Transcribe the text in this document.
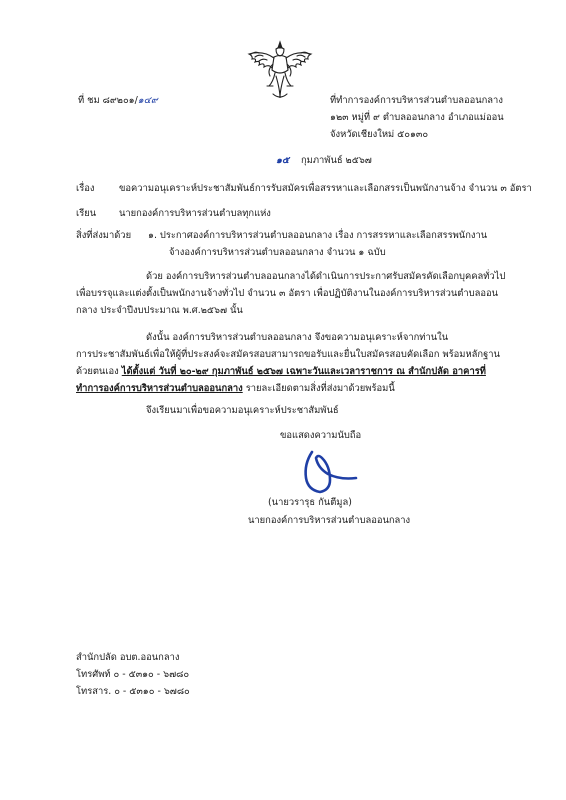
ที่ ชม ๘๙๒๐๑/๑๔๙	ที่ทำการองค์การบริหารส่วนตำบลออนกลาง
๑๒๓ หมู่ที่ ๙ ตำบลออนกลาง อำเภอแม่ออน
จังหวัดเชียงใหม่ ๕๐๑๓๐
๑๕ กุมภาพันธ์ ๒๕๖๗
เรื่อง	ขอความอนุเคราะห์ประชาสัมพันธ์การรับสมัครเพื่อสรรหาและเลือกสรรเป็นพนักงานจ้าง จำนวน ๓ อัตรา
เรียน นายกองค์การบริหารส่วนตำบลทุกแห่ง
สิ่งที่ส่งมาด้วย ๑. ประกาศองค์การบริหารส่วนตำบลออนกลาง เรื่อง การสรรหาและเลือกสรรพนักงาน
จ้างองค์การบริหารส่วนตำบลออนกลาง จำนวน ๑ ฉบับ
ด้วย องค์การบริหารส่วนตำบลออนกลางได้ดำเนินการประกาศรับสมัครคัดเลือกบุคคลทั่วไป
เพื่อบรรจุและแต่งตั้งเป็นพนักงานจ้างทั่วไป จำนวน ๓ อัตรา เพื่อปฏิบัติงานในองค์การบริหารส่วนตำบลออน
กลาง ประจำปีงบประมาณ พ.ศ.๒๕๖๗ นั้น
ดังนั้น องค์การบริหารส่วนตำบลออนกลาง จึงขอความอนุเคราะห์จากท่านใน
การประชาสัมพันธ์เพื่อให้ผู้ที่ประสงค์จะสมัครสอบสามารถขอรับและยื่นใบสมัครสอบคัดเลือก พร้อมหลักฐาน
ด้วยตนเอง ได้ตั้งแต่ วันที่ ๒๐-๒๙ กุมภาพันธ์ ๒๕๖๗ เฉพาะวันและเวลาราชการ ณ สำนักปลัด อาคารที่
ทำการองค์การบริหารส่วนตำบลออนกลาง รายละเอียดตามสิ่งที่ส่งมาด้วยพร้อมนี้
จึงเรียนมาเพื่อขอความอนุเคราะห์ประชาสัมพันธ์
ขอแสดงความนับถือ
(นายวรารุธ กันตีมูล)
นายกองค์การบริหารส่วนตำบลออนกลาง
สำนักปลัด อบต.ออนกลาง
โทรศัพท์ ๐ - ๕๓๑๐ - ๖๗๘๐
โทรสาร. ๐ - ๕๓๑๐ - ๖๗๘๐
